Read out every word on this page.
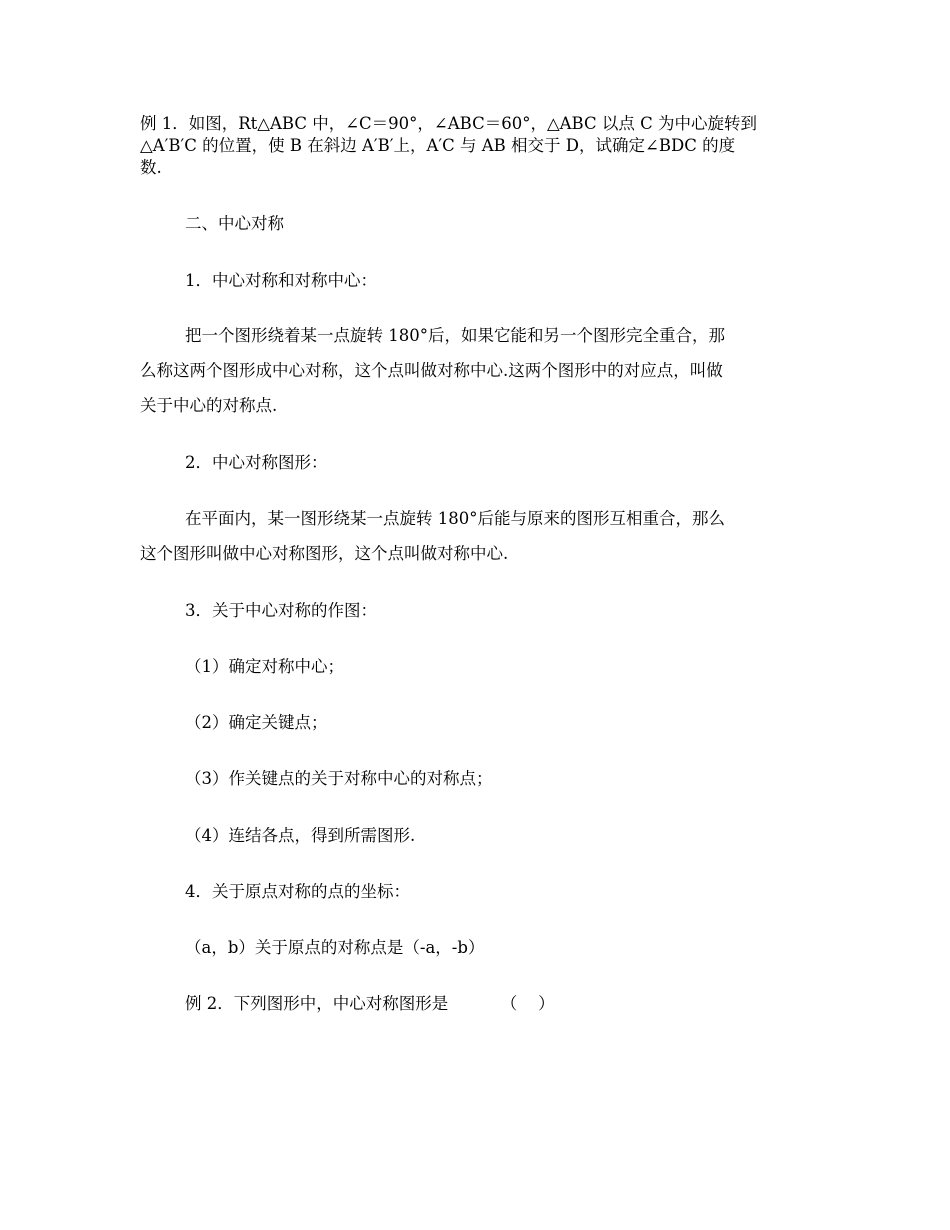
例 1．如图，Rt△ABC 中，∠C＝90°，∠ABC＝60°，△ABC 以点 C 为中心旋转到
△A′B′C 的位置，使 B 在斜边 A′B′上，A′C 与 AB 相交于 D，试确定∠BDC 的度
数.
二、中心对称
1．中心对称和对称中心：
把一个图形绕着某一点旋转 180°后，如果它能和另一个图形完全重合，那
么称这两个图形成中心对称，这个点叫做对称中心.这两个图形中的对应点，叫做
关于中心的对称点.
2．中心对称图形：
在平面内，某一图形绕某一点旋转 180°后能与原来的图形互相重合，那么
这个图形叫做中心对称图形，这个点叫做对称中心.
3．关于中心对称的作图：
（1）确定对称中心；
（2）确定关键点；
（3）作关键点的关于对称中心的对称点；
（4）连结各点，得到所需图形.
4．关于原点对称的点的坐标：
（a，b）关于原点的对称点是（-a，-b）
例 2．下列图形中，中心对称图形是          （    ）
